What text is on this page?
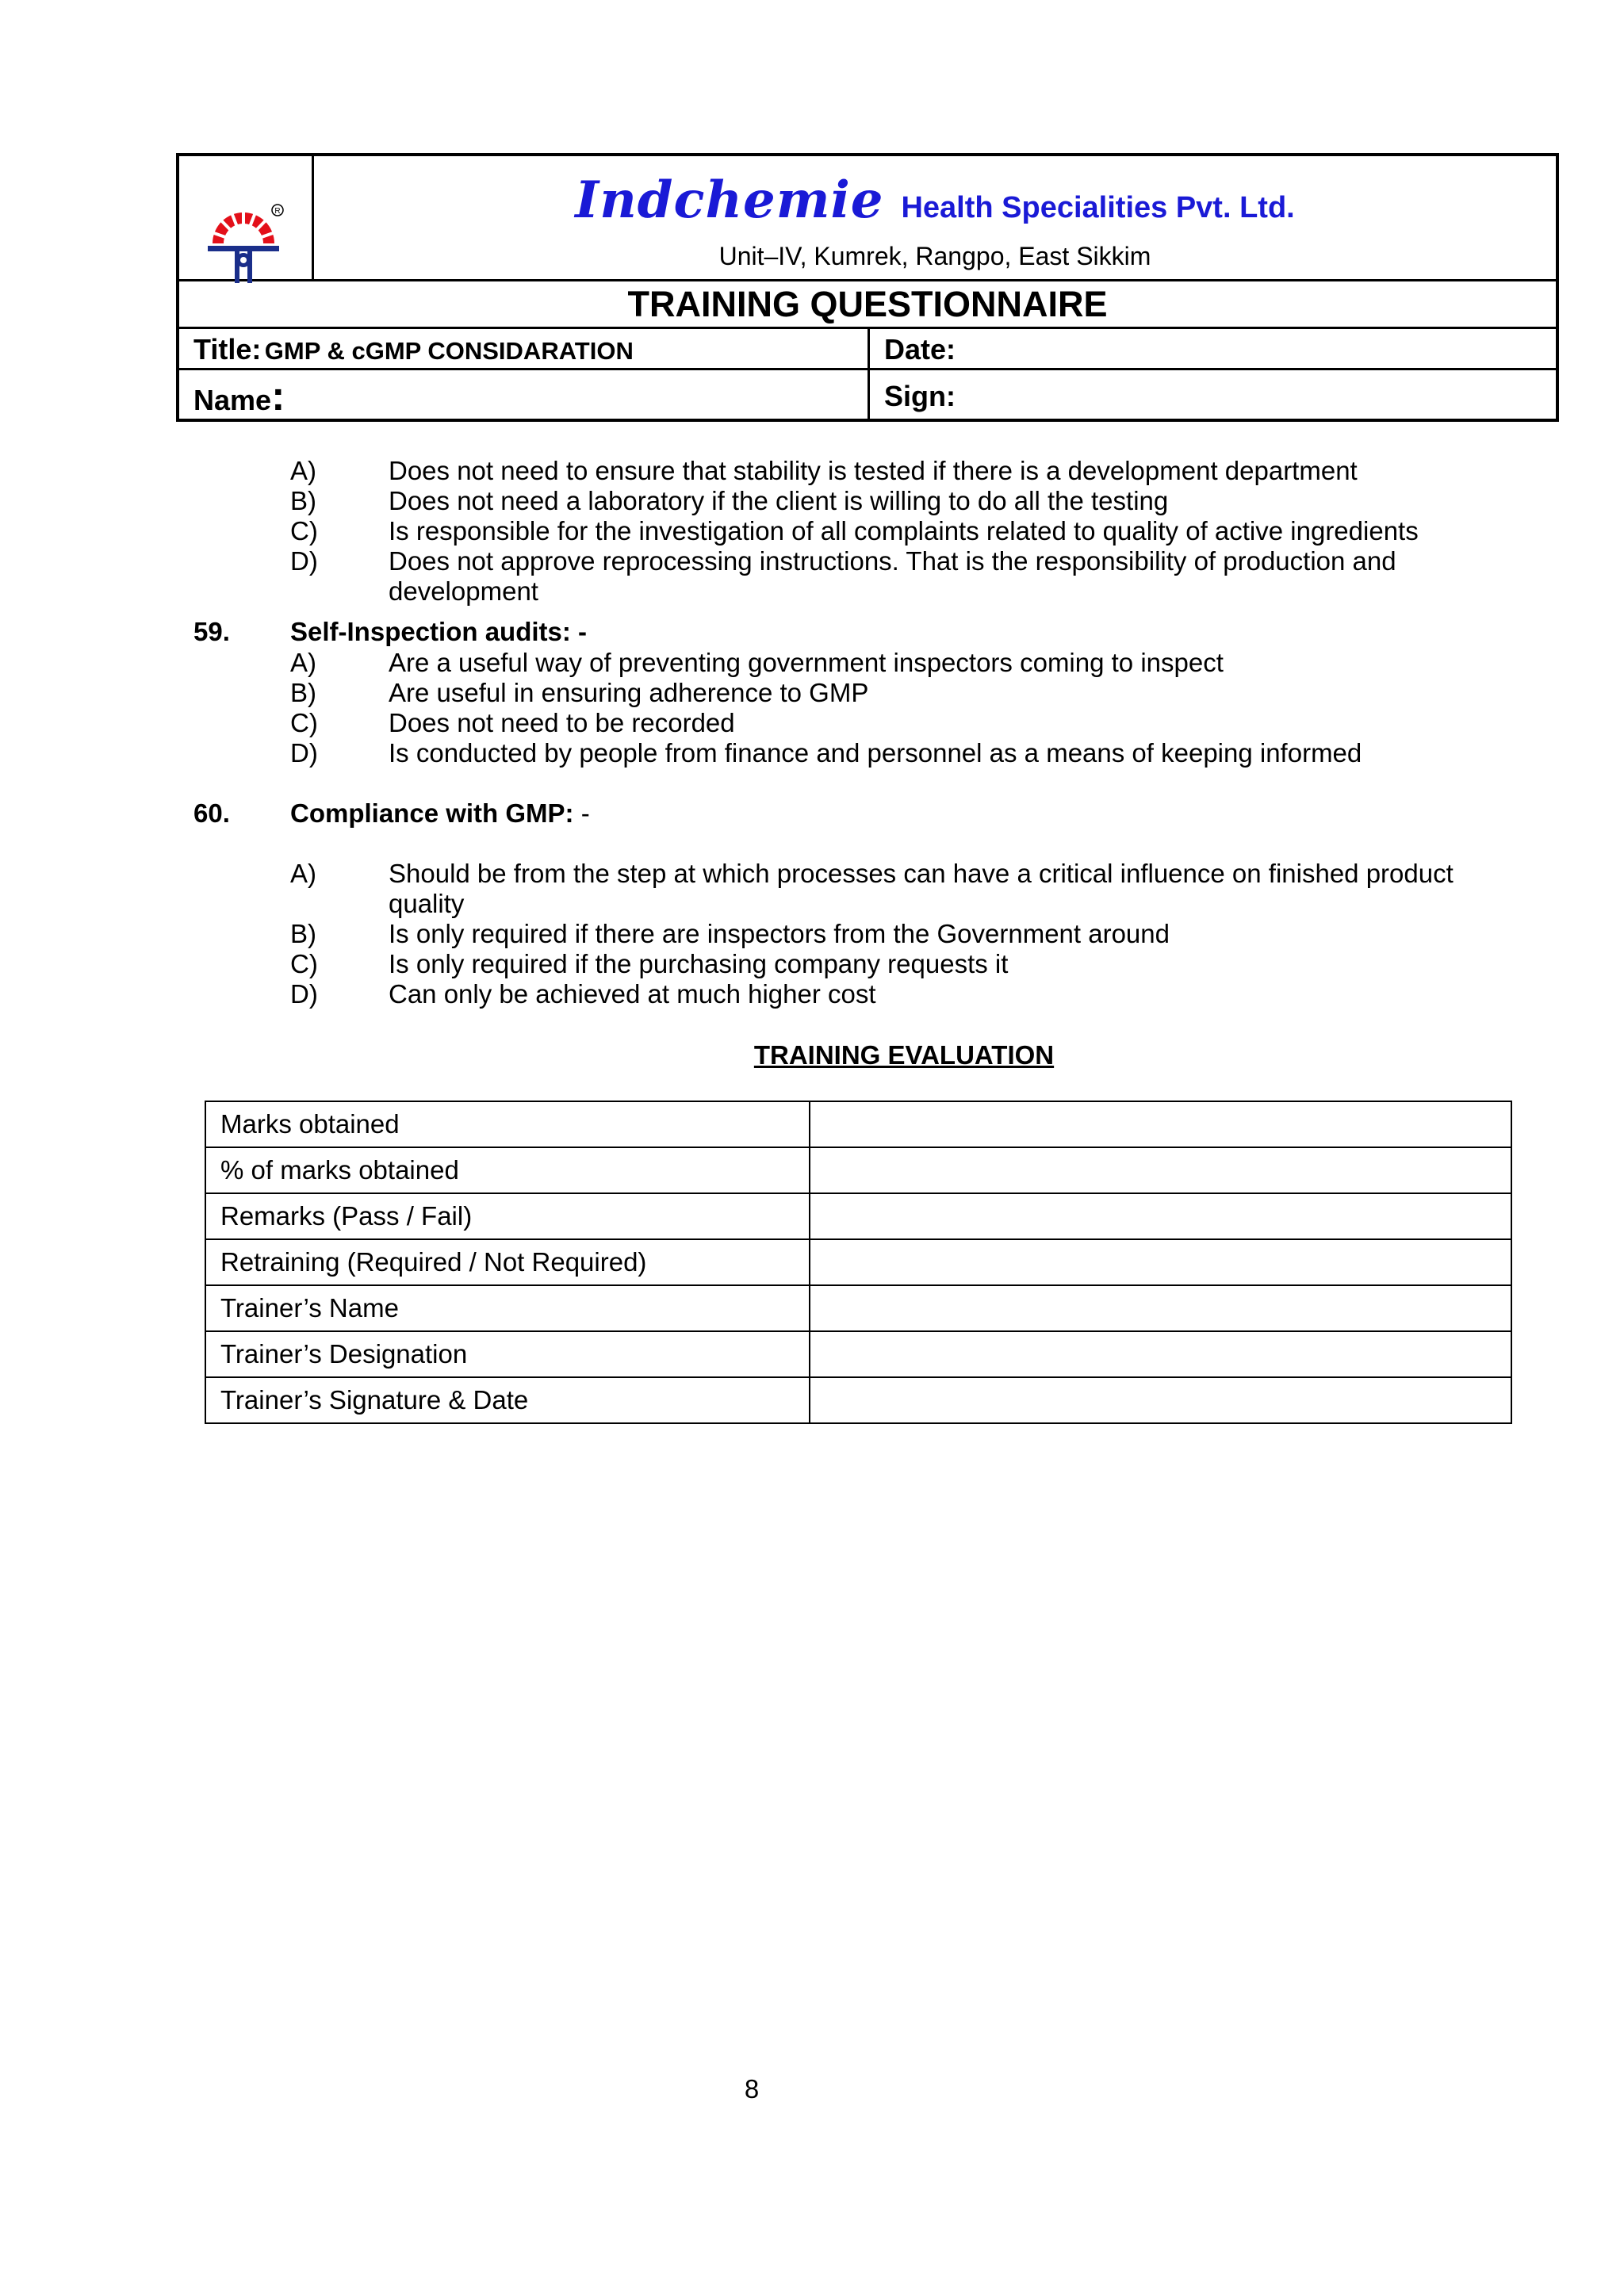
R	Indchemie Health Specialities Pvt. Ltd.
Unit–IV, Kumrek, Rangpo, East Sikkim
TRAINING QUESTIONNAIRE
Title: GMP & cGMP CONSIDARATION	Date:
Name:	Sign:
A)	Does not need to ensure that stability is tested if there is a development department
B)	Does not need a laboratory if the client is willing to do all the testing
C)	Is responsible for the investigation of all complaints related to quality of active ingredients
D)	Does not approve reprocessing instructions. That is the responsibility of production and development
59. Self-Inspection audits: -
A)	Are a useful way of preventing government inspectors coming to inspect
B)	Are useful in ensuring adherence to GMP
C)	Does not need to be recorded
D)	Is conducted by people from finance and personnel as a means of keeping informed
60. Compliance with GMP: -
A)	Should be from the step at which processes can have a critical influence on finished product quality
B)	Is only required if there are inspectors from the Government around
C)	Is only required if the purchasing company requests it
D)	Can only be achieved at much higher cost
TRAINING EVALUATION
Marks obtained	
% of marks obtained	
Remarks (Pass / Fail)	
Retraining (Required / Not Required)	
Trainer’s Name	
Trainer’s Designation	
Trainer’s Signature & Date	
8
